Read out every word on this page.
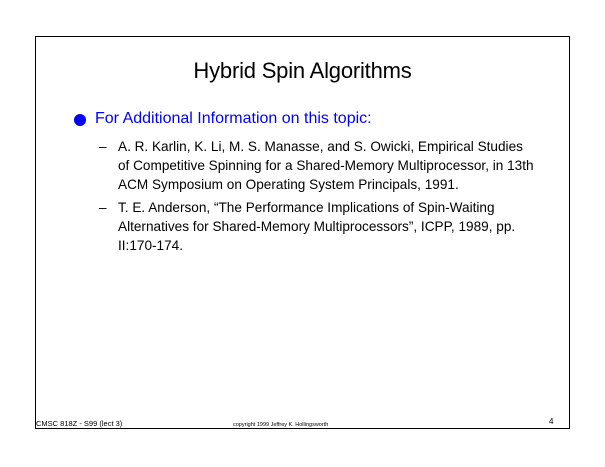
Hybrid Spin Algorithms
For Additional Information on this topic:
– A. R. Karlin, K. Li, M. S. Manasse, and S. Owicki, Empirical Studies of Competitive Spinning for a Shared-Memory Multiprocessor, in 13th ACM Symposium on Operating System Principals, 1991.
– T. E. Anderson, “The Performance Implications of Spin-Waiting Alternatives for Shared-Memory Multiprocessors”, ICPP, 1989, pp. II:170-174.
CMSC 818Z - S99 (lect 3)	copyright 1999 Jeffrey K. Hollingsworth	4
